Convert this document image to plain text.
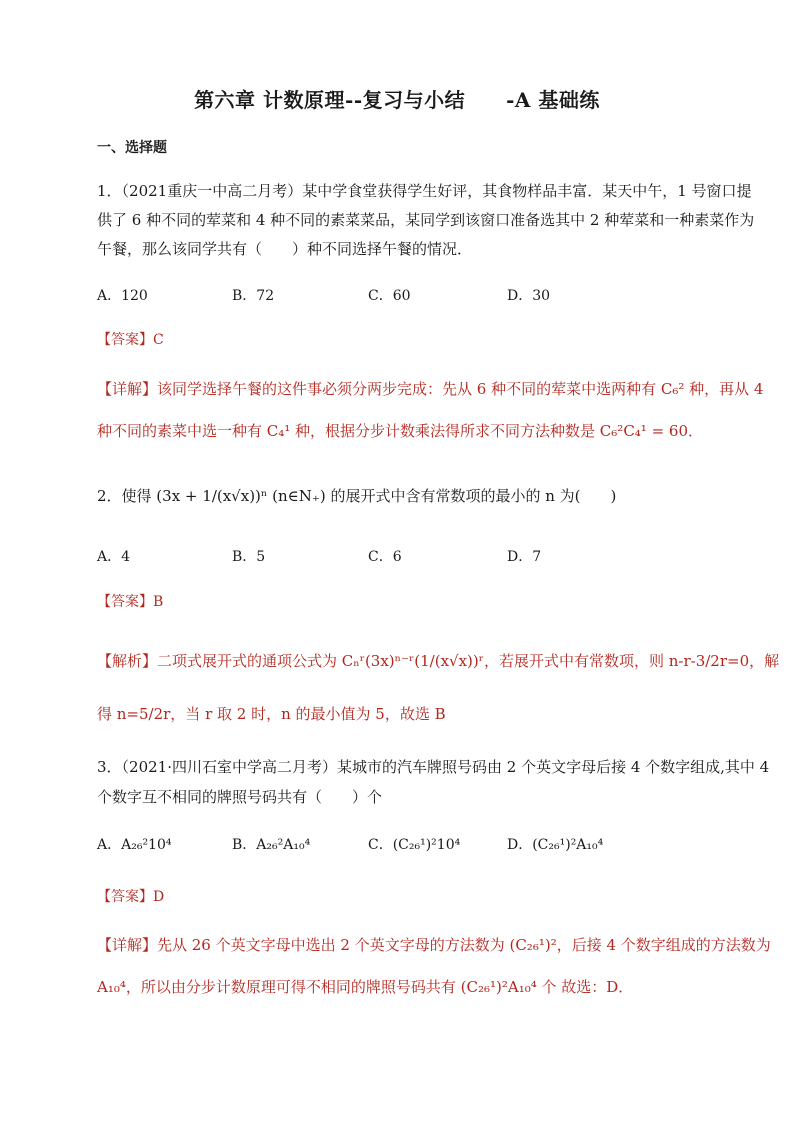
第六章 计数原理--复习与小结　　-A 基础练
一、选择题
1．（2021重庆一中高二月考）某中学食堂获得学生好评，其食物样品丰富．某天中午，1 号窗口提
供了 6 种不同的荤菜和 4 种不同的素菜菜品，某同学到该窗口准备选其中 2 种荤菜和一种素菜作为
午餐，那么该同学共有（　　）种不同选择午餐的情况．
A．120	B．72	C．60	D．30
【答案】C
【详解】该同学选择午餐的这件事必须分两步完成：先从 6 种不同的荤菜中选两种有 C₆² 种，再从 4
种不同的素菜中选一种有 C₄¹ 种，根据分步计数乘法得所求不同方法种数是 C₆²C₄¹ = 60．
2．使得 (3x + 1/(x√x))ⁿ (n∈N₊) 的展开式中含有常数项的最小的 n 为(　　)
A．4	B．5	C．6	D．7
【答案】B
【解析】二项式展开式的通项公式为 Cₙʳ(3x)ⁿ⁻ʳ(1/(x√x))ʳ，若展开式中有常数项，则 n-r-3/2r=0，解
得 n=5/2r，当 r 取 2 时，n 的最小值为 5，故选 B
3．（2021·四川石室中学高二月考）某城市的汽车牌照号码由 2 个英文字母后接 4 个数字组成,其中 4
个数字互不相同的牌照号码共有（　　）个
A．A₂₆²10⁴	B．A₂₆²A₁₀⁴	C．(C₂₆¹)²10⁴	D．(C₂₆¹)²A₁₀⁴
【答案】D
【详解】先从 26 个英文字母中选出 2 个英文字母的方法数为 (C₂₆¹)²，后接 4 个数字组成的方法数为
A₁₀⁴，所以由分步计数原理可得不相同的牌照号码共有 (C₂₆¹)²A₁₀⁴ 个 故选：D．
